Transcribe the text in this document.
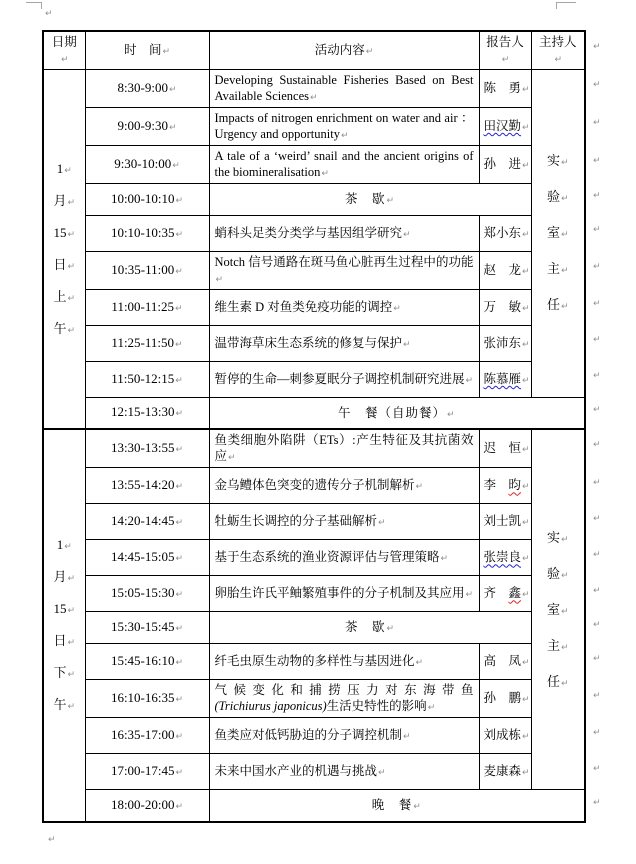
↵
日期↵	时　间↵	活动内容↵	报告人↵	主持人↵

1↵
月↵
15↵
日↵
上↵
午↵
	8:30-9:00↵	Developing Sustainable Fisheries Based on Best Available Sciences↵	陈　勇↵	
实↵
验↵
室↵
主↵
任↵

	9:00-9:30↵	Impacts of nitrogen enrichment on water and air ：Urgency and opportunity↵	田汉勤↵	
	9:30-10:00↵	A tale of a ‘weird’ snail and the ancient origins of the biomineralisation↵	孙　进↵	
	10:00-10:10↵	茶　歇↵		
	10:10-10:35↵	蛸科头足类分类学与基因组学研究↵	郑小东↵	
	10:35-11:00↵	Notch 信号通路在斑马鱼心脏再生过程中的功能↵	赵　龙↵	
	11:00-11:25↵	维生素 D 对鱼类免疫功能的调控↵	万　敏↵	
	11:25-11:50↵	温带海草床生态系统的修复与保护↵	张沛东↵	
	11:50-12:15↵	暂停的生命—刺参夏眠分子调控机制研究进展↵	陈慕雁↵	
	12:15-13:30↵	午　餐（自助餐）↵		

1↵
月↵
15↵
日↵
下↵
午↵
	13:30-13:55↵	鱼类细胞外陷阱（ETs）:产生特征及其抗菌效应↵	迟　恒↵	
实↵
验↵
室↵
主↵
任↵

	13:55-14:20↵	金乌鳢体色突变的遗传分子机制解析↵	李　昀↵	
	14:20-14:45↵	牡蛎生长调控的分子基础解析↵	刘士凯↵	
	14:45-15:05↵	基于生态系统的渔业资源评估与管理策略↵	张崇良↵	
	15:05-15:30↵	卵胎生许氏平鲉繁殖事件的分子机制及其应用↵	齐　鑫↵	
	15:30-15:45↵	茶　歇↵		
	15:45-16:10↵	纤毛虫原生动物的多样性与基因进化↵	高　凤↵	
	16:10-16:35↵	气候变化和捕捞压力对东海带鱼(Trichiurus japonicus)生活史特性的影响↵	孙　鹏↵	
	16:35-17:00↵	鱼类应对低钙胁迫的分子调控机制↵	刘成栋↵	
	17:00-17:45↵	未来中国水产业的机遇与挑战↵	麦康森↵	
	18:00-20:00↵	晚　餐↵		
↵
↵
↵
↵
↵
↵
↵
↵
↵
↵
↵
↵
↵
↵
↵
↵
↵
↵
↵
↵
↵
↵
↵
